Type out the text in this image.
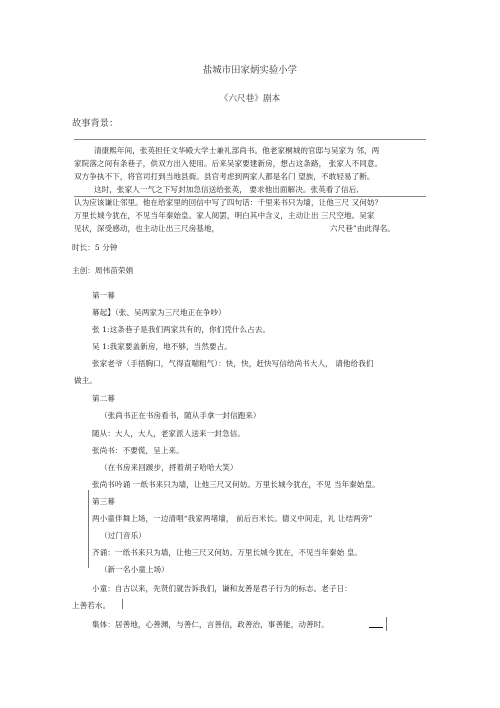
盐城市田家炳实验小学
《六尺巷》剧本
故事背景：
清康熙年间，张英担任文华殿大学士兼礼部尚书。他老家桐城的官邸与吴家为 邻，两
家院落之间有条巷子，供双方出入使用。后来吴家要建新房，想占这条路， 张家人不同意。
双方争执不下，将官司打到当地县衙。县官考虑到两家人都是名门 望族，不敢轻易了断。
这时，张家人一气之下写封加急信送给张英， 要求他出面解决。张英看了信后,
认为应该谦让邻里。他在给家里的回信中写了四句话：千里来书只为墙，让他三尺 又何妨？
万里长城今犹在，不见当年秦始皇。家人阅罢，明白其中含义，主动让出 三尺空地。吴家
见状，深受感动，也主动让出三尺房基地，	六尺巷”由此得名。
时长：5 分钟
主创：周伟苗荣娟
第一幕
幕起】（张、吴两家为三尺地正在争吵）
张 1:这条巷子是我们两家共有的，你们凭什么占去。
吴 1:我家要盖新房，地不够，当然要占。
张家老爷（手捂胸口，气得直喘粗气）：快，快，赶快写信给尚书大人， 请他给我们
做主。
第二幕
（张尚书正在书房看书，随从手拿一封信跑来）
随从：大人，大人，老家派人送来一封急信。
张尚书：不要慌，呈上来。
（在书房来回踱步，捋着胡子哈哈大笑）
张尚书吟诵 一纸书来只为墙，让他三尺又何妨。万里长城今犹在，不见 当年秦始皇。
第三幕
两小童伴舞上场，一边清唱“我家两堵墙， 前后百米长。德义中间走，礼 让结两旁”
（过门音乐）
齐诵：一纸书来只为墙，让他三尺又何妨。万里长城今犹在，不见当年秦始 皇。
（新一名小童上场）
小童：自古以来，先贤们就告诉我们，谦和友善是君子行为的标志。老子日：
上善若水。
集体：居善地，心善渊，与善仁，言善信，政善治，事善能，动善时。
